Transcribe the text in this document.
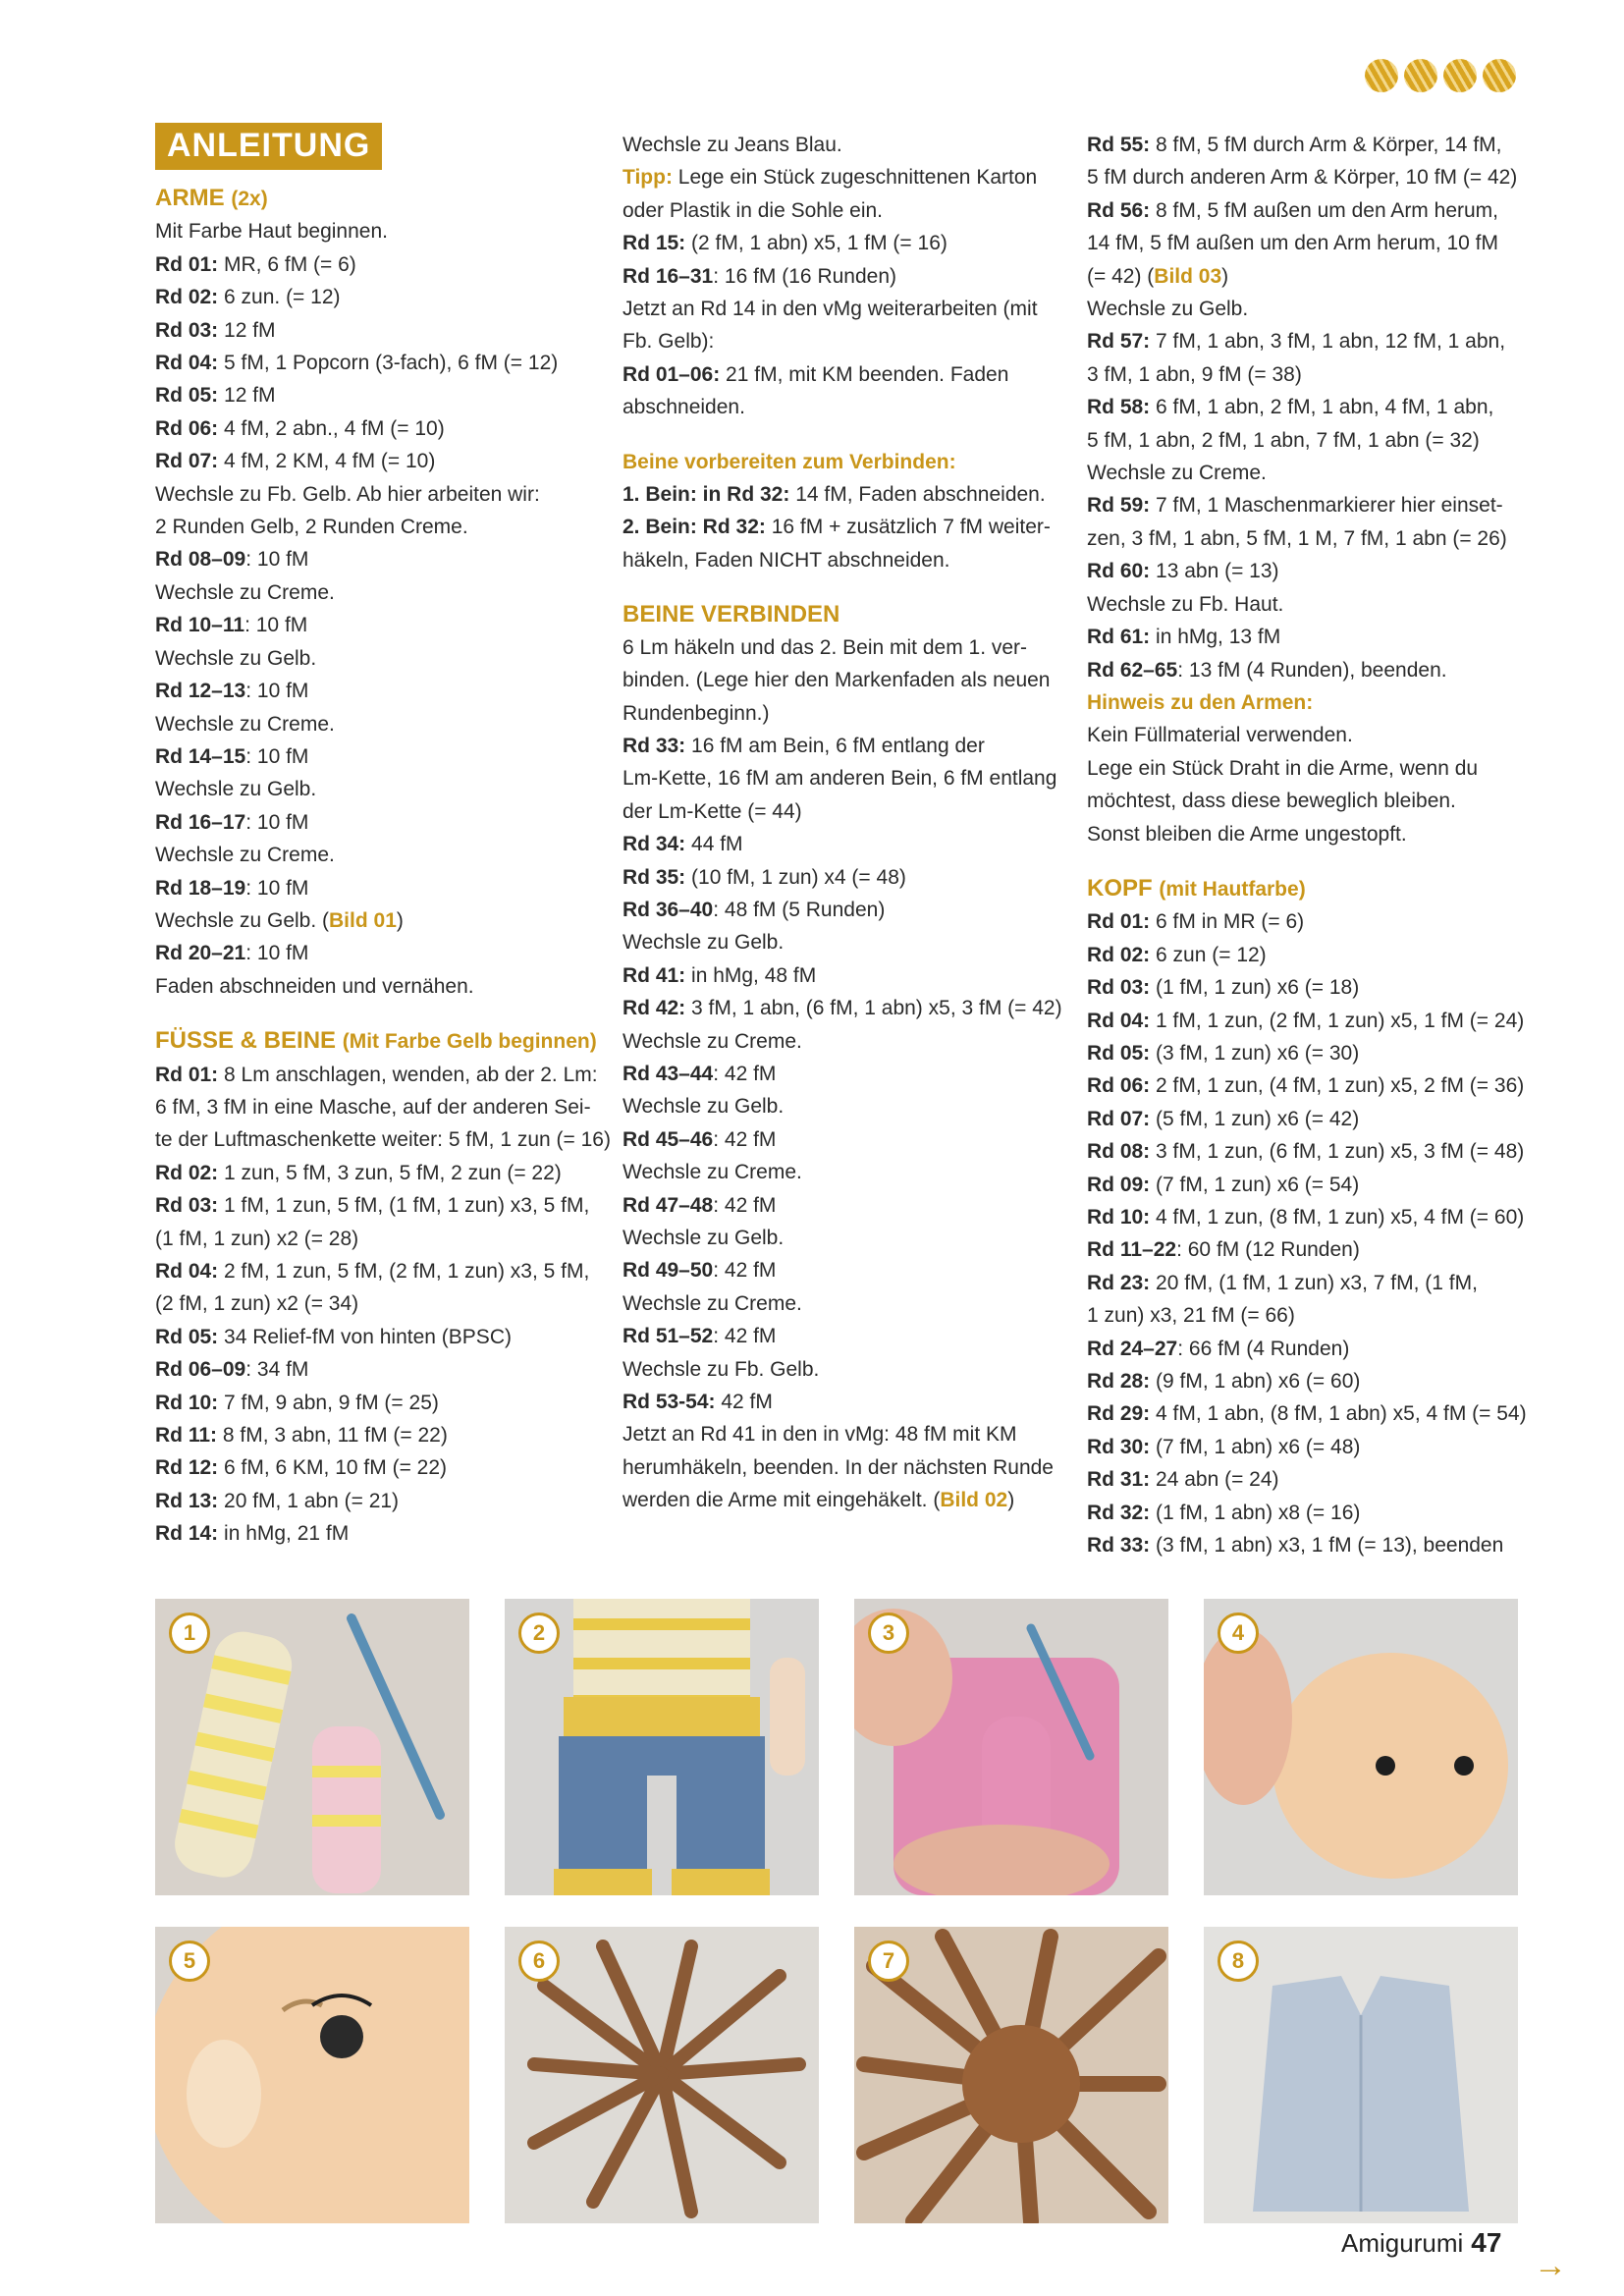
ANLEITUNG

ARME (2x)

Mit Farbe Haut beginnen.

Rd 01: MR, 6 fM (= 6)

Rd 02: 6 zun. (= 12)

Rd 03: 12 fM

Rd 04: 5 fM, 1 Popcorn (3-fach), 6 fM (= 12)

Rd 05: 12 fM

Rd 06: 4 fM, 2 abn., 4 fM (= 10)

Rd 07: 4 fM, 2 KM, 4 fM (= 10)

Wechsle zu Fb. Gelb. Ab hier arbeiten wir:

2 Runden Gelb, 2 Runden Creme.

Rd 08–09: 10 fM

Wechsle zu Creme.

Rd 10–11: 10 fM

Wechsle zu Gelb.

Rd 12–13: 10 fM

Wechsle zu Creme.

Rd 14–15: 10 fM

Wechsle zu Gelb.

Rd 16–17: 10 fM

Wechsle zu Creme.

Rd 18–19: 10 fM

Wechsle zu Gelb. (Bild 01)

Rd 20–21: 10 fM

Faden abschneiden und vernähen.

FÜSSE & BEINE (Mit Farbe Gelb beginnen)

Rd 01: 8 Lm anschlagen, wenden, ab der 2. Lm:

6 fM, 3 fM in eine Masche, auf der anderen Sei-

te der Luftmaschenkette weiter: 5 fM, 1 zun (= 16)

Rd 02: 1 zun, 5 fM, 3 zun, 5 fM, 2 zun (= 22)

Rd 03: 1 fM, 1 zun, 5 fM, (1 fM, 1 zun) x3, 5 fM,

(1 fM, 1 zun) x2 (= 28)

Rd 04: 2 fM, 1 zun, 5 fM, (2 fM, 1 zun) x3, 5 fM,

(2 fM, 1 zun) x2 (= 34)

Rd 05: 34 Relief-fM von hinten (BPSC)

Rd 06–09: 34 fM

Rd 10: 7 fM, 9 abn, 9 fM (= 25)

Rd 11: 8 fM, 3 abn, 11 fM (= 22)

Rd 12: 6 fM, 6 KM, 10 fM (= 22)

Rd 13: 20 fM, 1 abn (= 21)

Rd 14: in hMg, 21 fM

Wechsle zu Jeans Blau.

Tipp: Lege ein Stück zugeschnittenen Karton

oder Plastik in die Sohle ein.

Rd 15: (2 fM, 1 abn) x5, 1 fM (= 16)

Rd 16–31: 16 fM (16 Runden)

Jetzt an Rd 14 in den vMg weiterarbeiten (mit

Fb. Gelb):

Rd 01–06: 21 fM, mit KM beenden. Faden

abschneiden.

Beine vorbereiten zum Verbinden:

1. Bein: in Rd 32: 14 fM, Faden abschneiden.

2. Bein: Rd 32: 16 fM + zusätzlich 7 fM weiter-

häkeln, Faden NICHT abschneiden.

BEINE VERBINDEN

6 Lm häkeln und das 2. Bein mit dem 1. ver-

binden. (Lege hier den Markenfaden als neuen

Rundenbeginn.)

Rd 33: 16 fM am Bein, 6 fM entlang der

Lm-Kette, 16 fM am anderen Bein, 6 fM entlang

der Lm-Kette (= 44)

Rd 34: 44 fM

Rd 35: (10 fM, 1 zun) x4 (= 48)

Rd 36–40: 48 fM (5 Runden)

Wechsle zu Gelb.

Rd 41: in hMg, 48 fM

Rd 42: 3 fM, 1 abn, (6 fM, 1 abn) x5, 3 fM (= 42)

Wechsle zu Creme.

Rd 43–44: 42 fM

Wechsle zu Gelb.

Rd 45–46: 42 fM

Wechsle zu Creme.

Rd 47–48: 42 fM

Wechsle zu Gelb.

Rd 49–50: 42 fM

Wechsle zu Creme.

Rd 51–52: 42 fM

Wechsle zu Fb. Gelb.

Rd 53-54: 42 fM

Jetzt an Rd 41 in den in vMg: 48 fM mit KM

herumhäkeln, beenden. In der nächsten Runde

werden die Arme mit eingehäkelt. (Bild 02)

Rd 55: 8 fM, 5 fM durch Arm & Körper, 14 fM,

5 fM durch anderen Arm & Körper, 10 fM (= 42)

Rd 56: 8 fM, 5 fM außen um den Arm herum,

14 fM, 5 fM außen um den Arm herum, 10 fM

(= 42) (Bild 03)

Wechsle zu Gelb.

Rd 57: 7 fM, 1 abn, 3 fM, 1 abn, 12 fM, 1 abn,

3 fM, 1 abn, 9 fM (= 38)

Rd 58: 6 fM, 1 abn, 2 fM, 1 abn, 4 fM, 1 abn,

5 fM, 1 abn, 2 fM, 1 abn, 7 fM, 1 abn (= 32)

Wechsle zu Creme.

Rd 59: 7 fM, 1 Maschenmarkierer hier einset-

zen, 3 fM, 1 abn, 5 fM, 1 M, 7 fM, 1 abn (= 26)

Rd 60: 13 abn (= 13)

Wechsle zu Fb. Haut.

Rd 61: in hMg, 13 fM

Rd 62–65: 13 fM (4 Runden), beenden.

Hinweis zu den Armen:

Kein Füllmaterial verwenden.

Lege ein Stück Draht in die Arme, wenn du

möchtest, dass diese beweglich bleiben.

Sonst bleiben die Arme ungestopft.

KOPF (mit Hautfarbe)

Rd 01: 6 fM in MR (= 6)

Rd 02: 6 zun (= 12)

Rd 03: (1 fM, 1 zun) x6 (= 18)

Rd 04: 1 fM, 1 zun, (2 fM, 1 zun) x5, 1 fM (= 24)

Rd 05: (3 fM, 1 zun) x6 (= 30)

Rd 06: 2 fM, 1 zun, (4 fM, 1 zun) x5, 2 fM (= 36)

Rd 07: (5 fM, 1 zun) x6 (= 42)

Rd 08: 3 fM, 1 zun, (6 fM, 1 zun) x5, 3 fM (= 48)

Rd 09: (7 fM, 1 zun) x6 (= 54)

Rd 10: 4 fM, 1 zun, (8 fM, 1 zun) x5, 4 fM (= 60)

Rd 11–22: 60 fM (12 Runden)

Rd 23: 20 fM, (1 fM, 1 zun) x3, 7 fM, (1 fM,

1 zun) x3, 21 fM (= 66)

Rd 24–27: 66 fM (4 Runden)

Rd 28: (9 fM, 1 abn) x6 (= 60)

Rd 29: 4 fM, 1 abn, (8 fM, 1 abn) x5, 4 fM (= 54)

Rd 30: (7 fM, 1 abn) x6 (= 48)

Rd 31: 24 abn (= 24)

Rd 32: (1 fM, 1 abn) x8 (= 16)

Rd 33: (3 fM, 1 abn) x3, 1 fM (= 13), beenden

1	2	3	4
5	6	7	8
→
Amigurumi 47
